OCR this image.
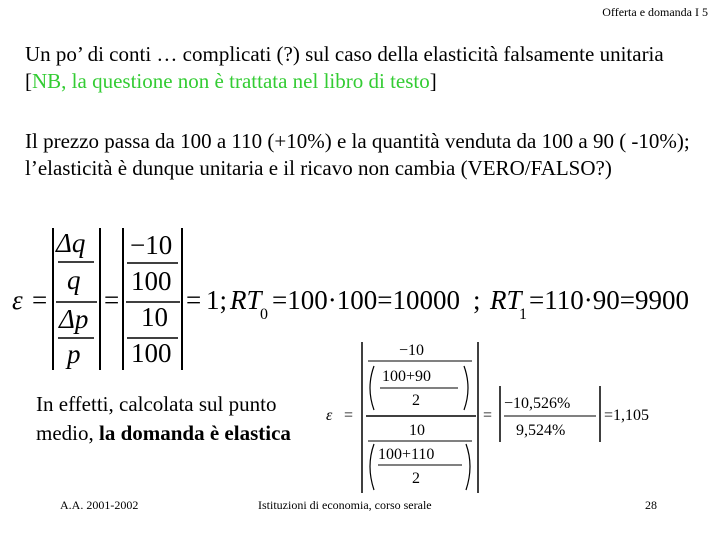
Offerta e domanda I 5
Un po’ di conti … complicati (?) sul caso della elasticità falsamente unitaria [NB, la questione non è trattata nel libro di testo]
Il prezzo passa da 100 a 110 (+10%) e la quantità venduta da 100 a 90 ( -10%); l’elasticità è dunque unitaria e il ricavo non cambia (VERO/FALSO?)
ε =
Δq
q
Δp
p
=
−10
100
10
100
= 1; RT
0 =100·100=10000 ; RT
1 =110·90=9900
ε =
−10
100+90
2
10
100+110
2
=
−10,526%
9,524%
=1,105
In effetti, calcolata sul punto medio, la domanda è elastica
A.A. 2001-2002	Istituzioni di economia, corso serale	28
